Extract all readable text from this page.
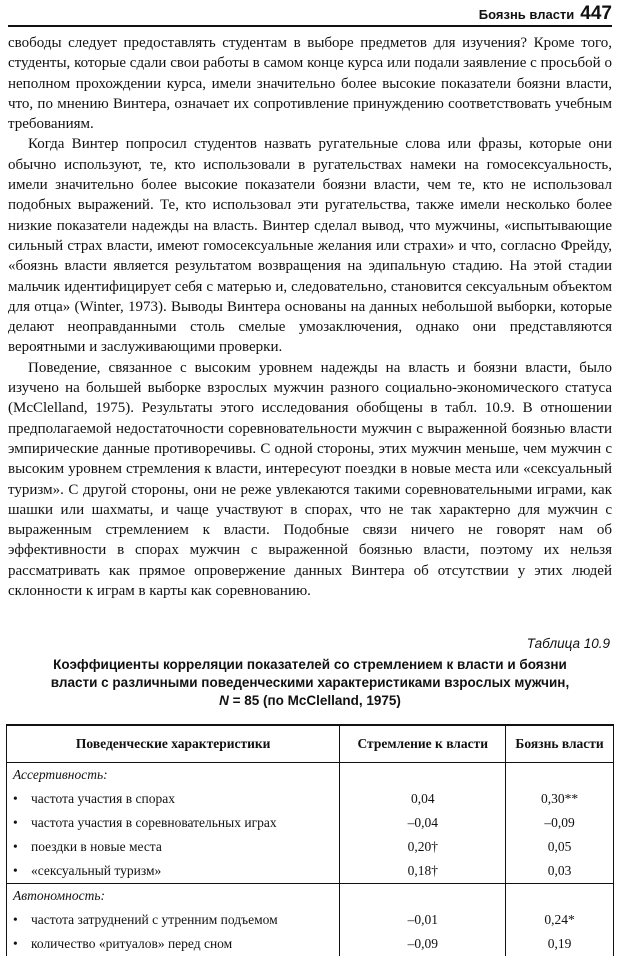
Боязнь власти 447

свободы следует предоставлять студентам в выборе предметов для изучения? Кроме того, студенты, которые сдали свои работы в самом конце курса или подали заявление с просьбой о неполном прохождении курса, имели значительно более высокие показатели боязни власти, что, по мнению Винтера, означает их сопротивление принуждению соответствовать учебным требованиям.

Когда Винтер попросил студентов назвать ругательные слова или фразы, которые они обычно используют, те, кто использовали в ругательствах намеки на гомосексуальность, имели значительно более высокие показатели боязни власти, чем те, кто не использовал подобных выражений. Те, кто использовал эти ругательства, также имели несколько более низкие показатели надежды на власть. Винтер сделал вывод, что мужчины, «испытывающие сильный страх власти, имеют гомосексуальные желания или страхи» и что, согласно Фрейду, «боязнь власти является результатом возвращения на эдипальную стадию. На этой стадии мальчик идентифицирует себя с матерью и, следовательно, становится сексуальным объектом для отца» (Winter, 1973). Выводы Винтера основаны на данных небольшой выборки, которые делают неоправданными столь смелые умозаключения, однако они представляются вероятными и заслуживающими проверки.

Поведение, связанное с высоким уровнем надежды на власть и боязни власти, было изучено на большей выборке взрослых мужчин разного социально-экономического статуса (McClelland, 1975). Результаты этого исследования обобщены в табл. 10.9. В отношении предполагаемой недостаточности соревновательности мужчин с выраженной боязнью власти эмпирические данные противоречивы. С одной стороны, этих мужчин меньше, чем мужчин с высоким уровнем стремления к власти, интересуют поездки в новые места или «сексуальный туризм». С другой стороны, они не реже увлекаются такими соревновательными играми, как шашки или шахматы, и чаще участвуют в спорах, что не так характерно для мужчин с выраженным стремлением к власти. Подобные связи ничего не говорят нам об эффективности в спорах мужчин с выраженной боязнью власти, поэтому их нельзя рассматривать как прямое опровержение данных Винтера об отсутствии у этих людей склонности к играм в карты как соревнованию.

Таблица 10.9
Коэффициенты корреляции показателей со стремлением к власти и боязни
власти с различными поведенческими характеристиками взрослых мужчин,
N = 85 (по McClelland, 1975)
Поведенческие характеристики	Стремление к власти	Боязнь власти
Ассертивность:		
• частота участия в спорах	0,04	0,30**
• частота участия в соревновательных играх	–0,04	–0,09
• поездки в новые места	0,20†	0,05
• «сексуальный туризм»	0,18†	0,03
Автономность:		
• частота затруднений с утренним подъемом	–0,01	0,24*
• количество «ритуалов» перед сном	–0,09	0,19
